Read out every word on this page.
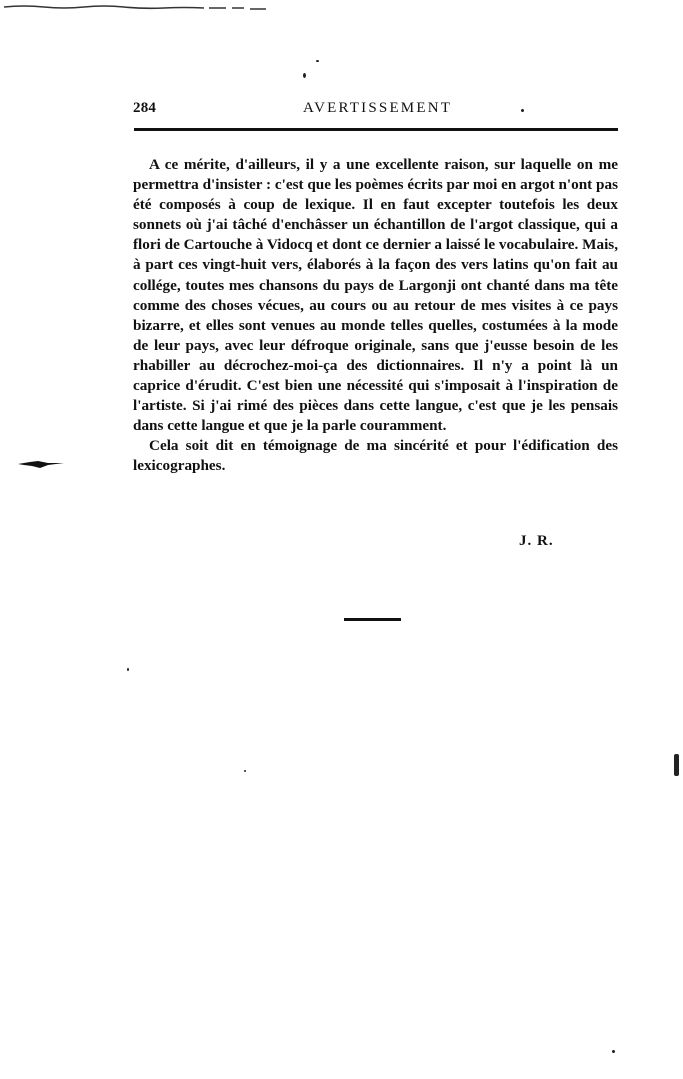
284	AVERTISSEMENT

A ce mérite, d'ailleurs, il y a une excellente raison, sur laquelle on me permettra d'insister : c'est que les poèmes écrits par moi en argot n'ont pas été composés à coup de lexique. Il en faut excepter toutefois les deux sonnets où j'ai tâché d'enchâsser un échantillon de l'argot classique, qui a flori de Cartouche à Vidocq et dont ce dernier a laissé le vocabulaire. Mais, à part ces vingt-huit vers, élaborés à la façon des vers latins qu'on fait au collége, toutes mes chansons du pays de Largonji ont chanté dans ma tête comme des choses vécues, au cours ou au retour de mes visites à ce pays bizarre, et elles sont venues au monde telles quelles, costumées à la mode de leur pays, avec leur défroque originale, sans que j'eusse besoin de les rhabiller au décrochez-moi-ça des dictionnaires. Il n'y a point là un caprice d'érudit. C'est bien une nécessité qui s'imposait à l'inspiration de l'artiste. Si j'ai rimé des pièces dans cette langue, c'est que je les pensais dans cette langue et que je la parle couramment.

Cela soit dit en témoignage de ma sincérité et pour l'édification des lexicographes.

J. R.
